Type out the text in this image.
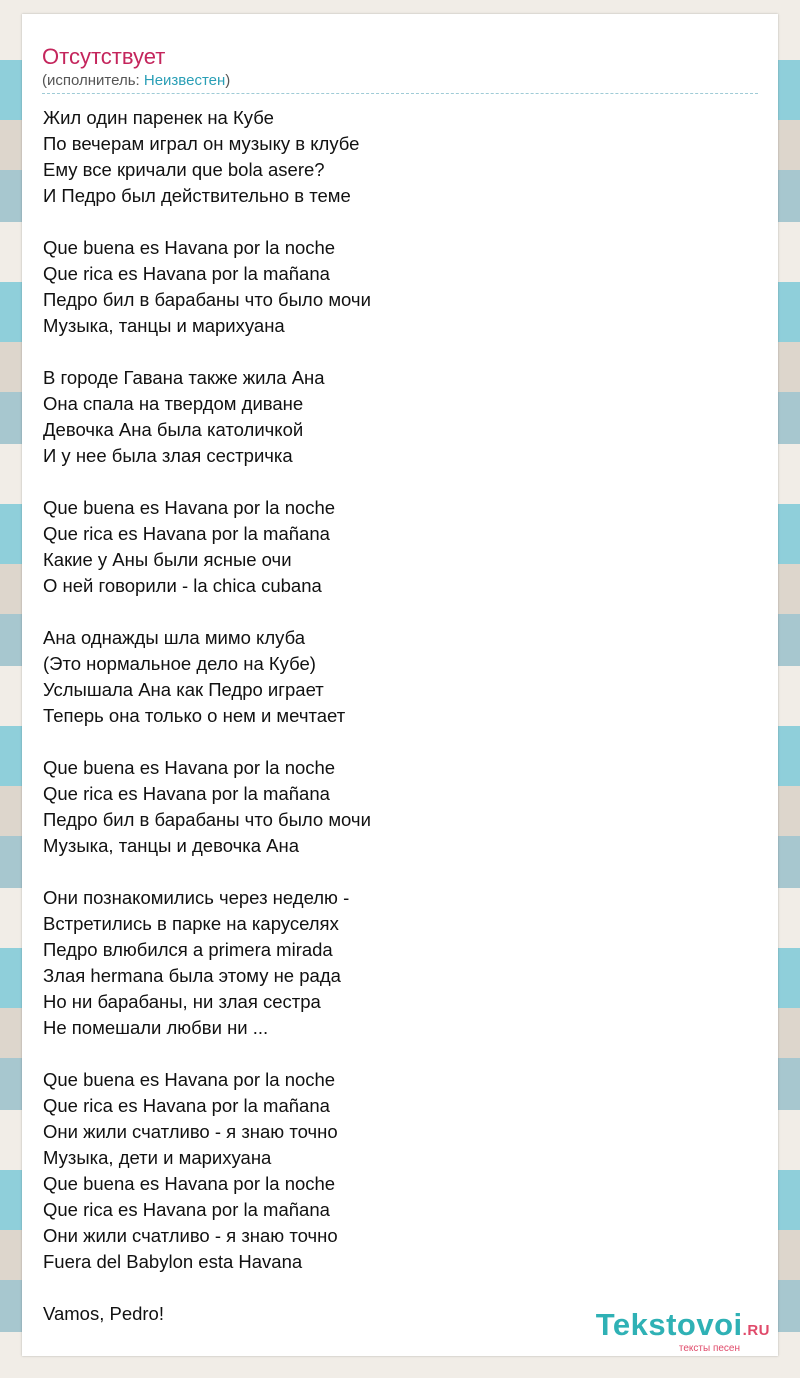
Отсутствует
(исполнитель: Неизвестен)
Жил один паренек на Кубе
По вечерам играл он музыку в клубе
Ему все кричали que bola asere?
И Педро был действительно в теме
Que buena es Havana por la noche
Que rica es Havana por la mañana
Педро бил в барабаны что было мочи
Музыка, танцы и марихуана
В городе Гавана также жила Ана
Она спала на твердом диване
Девочка Ана была католичкой
И у нее была злая сестричка
Que buena es Havana por la noche
Que rica es Havana por la mañana
Какие у Аны были ясные очи
О ней говорили - la chica cubana
Ана однажды шла мимо клуба
(Это нормальное дело на Кубе)
Услышала Ана как Педро играет
Теперь она только о нем и мечтает
Que buena es Havana por la noche
Que rica es Havana por la mañana
Педро бил в барабаны что было мочи
Музыка, танцы и девочка Ана
Они познакомились через неделю -
Встретились в парке на каруселях
Педро влюбился а primera mirada
Злая hermana была этому не рада
Но ни барабаны, ни злая сестра
Не помешали любви ни ...
Que buena es Havana por la noche
Que rica es Havana por la mañana
Они жили счатливо - я знаю точно
Музыка, дети и марихуана
Que buena es Havana por la noche
Que rica es Havana por la mañana
Они жили счатливо - я знаю точно
Fuera del Babylon esta Havana
Vamos, Pedro!	Tekstovoi.RU
тексты песен
